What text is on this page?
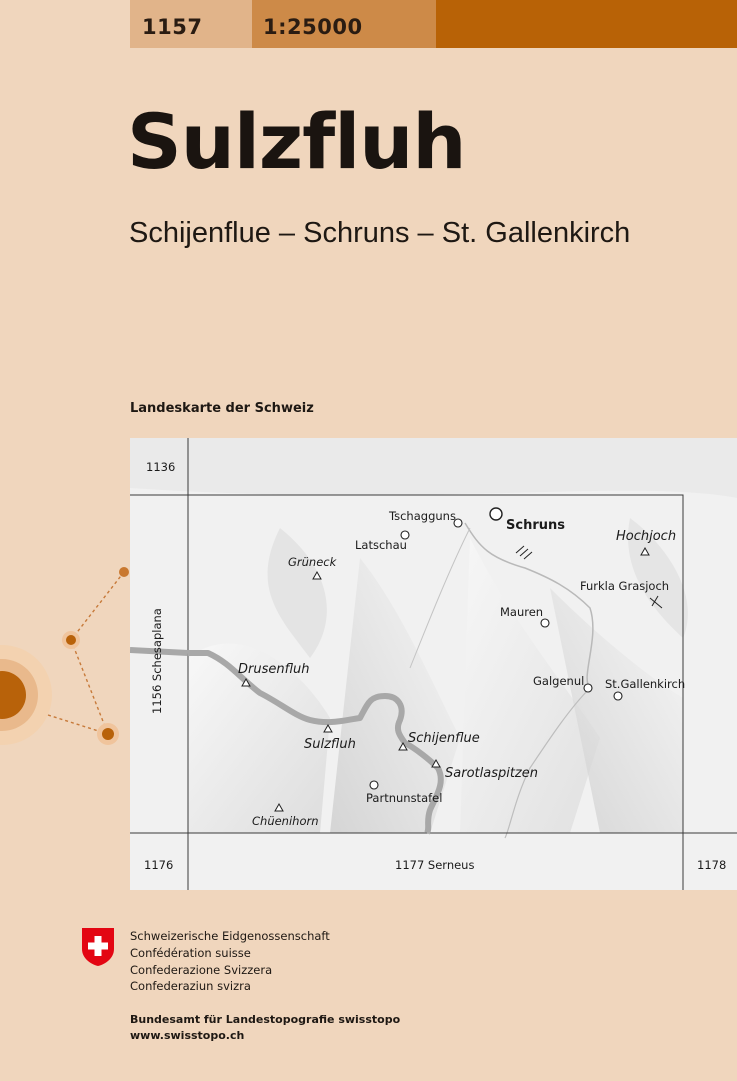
1157	1:25000
Sulzfluh
Schijenflue – Schruns – St. Gallenkirch
Landeskarte der Schweiz
1136
1156 Schesaplana
1176	1177 Serneus	1178
Tschagguns
Schruns
Latschau
Grüneck
Hochjoch
Furkla Grasjoch
Mauren
Drusenfluh
Galgenul St.Gallenkirch
Sulzfluh	Schijenflue
Sarotlaspitzen
Partnunstafel
Chüenihorn
Schweizerische Eidgenossenschaft
Confédération suisse
Confederazione Svizzera
Confederaziun svizra
Bundesamt für Landestopografie swisstopo
www.swisstopo.ch
